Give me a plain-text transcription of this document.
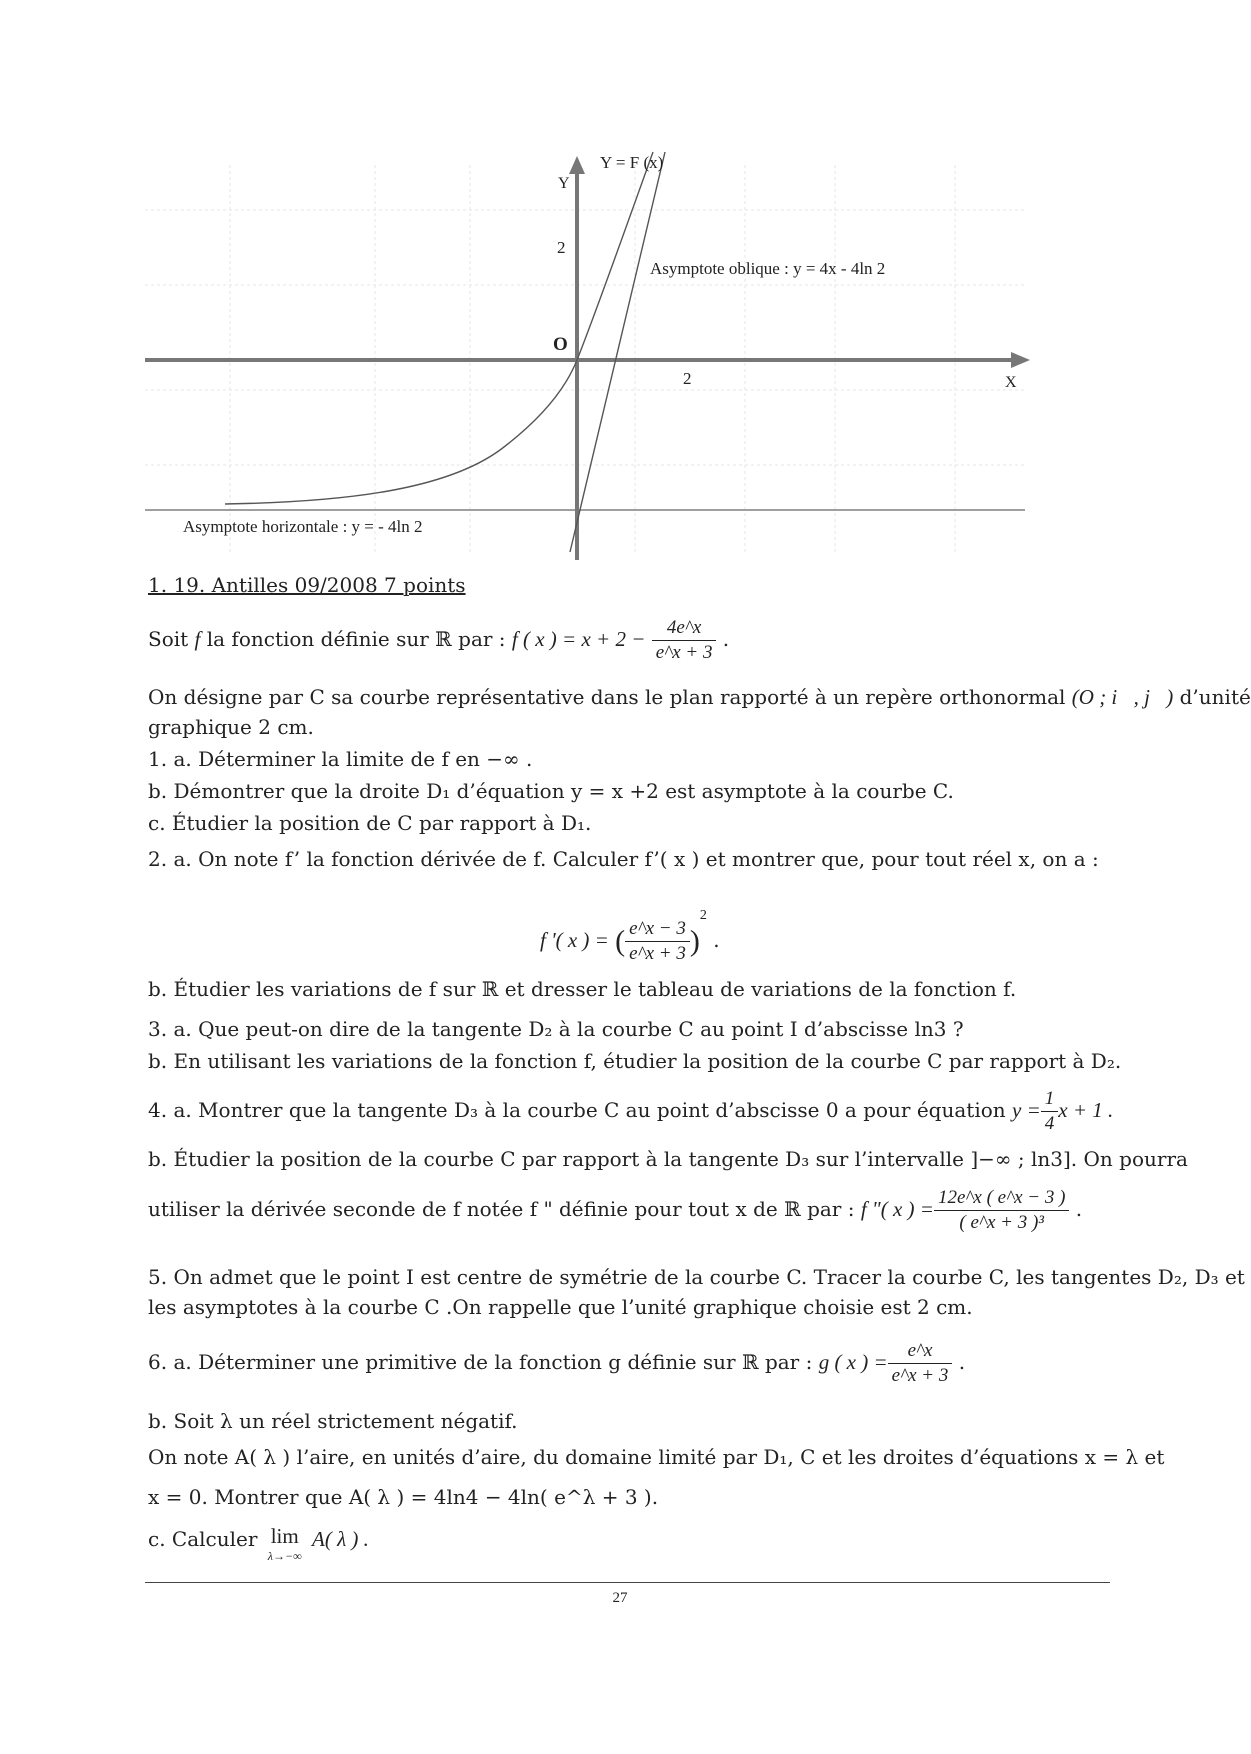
Y = F (x)
Y
2
O
2	X
Asymptote oblique : y = 4x - 4ln 2
Asymptote horizontale : y = - 4ln 2
1. 19. Antilles 09/2008 7 points
Soit f la fonction définie sur ℝ par : f ( x ) = $x + 2 - \frac{4e\^{}x}{e\^{}x + 3}$ .
On désigne par C sa courbe représentative dans le plan rapporté à un repère orthonormal (O ; i⃗, j⃗) d’unité
graphique 2 cm.
1. a. Déterminer la limite de f en −∞ .
b. Démontrer que la droite D₁ d’équation y = x +2 est asymptote à la courbe C.
c. Étudier la position de C par rapport à D₁.
2. a. On note f’ la fonction dérivée de f. Calculer f’( x ) et montrer que, pour tout réel x, on a :
f '( x ) = ( $\frac{e\^{}x - 3}{e\^{}x + 3} )^2$ .
b. Étudier les variations de f sur ℝ et dresser le tableau de variations de la fonction f.
3. a. Que peut-on dire de la tangente D₂ à la courbe C au point I d’abscisse ln3 ?
b. En utilisant les variations de la fonction f, étudier la position de la courbe C par rapport à D₂.
4. a. Montrer que la tangente D₃ à la courbe C au point d’abscisse 0 a pour équation $y = \frac{1}{4}$ x + 1 .
b. Étudier la position de la courbe C par rapport à la tangente D₃ sur l’intervalle ]−∞ ; ln3]. On pourra
utiliser la dérivée seconde de f notée f " définie pour tout x de ℝ par : f "( x ) = $\frac{12e\^{}x ( e\^{}x - 3 )}{\text{( e\textasciicircum{}x + 3 )³}}$ .
5. On admet que le point I est centre de symétrie de la courbe C. Tracer la courbe C, les tangentes D₂, D₃ et
les asymptotes à la courbe C .On rappelle que l’unité graphique choisie est 2 cm.
6. a. Déterminer une primitive de la fonction g définie sur ℝ par : g ( x ) = $\frac{e\^{}x}{e\^{}x + 3}$ .
b. Soit λ un réel strictement négatif.
On note A( λ ) l’aire, en unités d’aire, du domaine limité par D₁, C et les droites d’équations x = λ et
x = 0. Montrer que A( λ ) = 4ln4 − 4ln( e^λ + 3 ).
c. Calculer lim
λ→−∞
A( λ ) .
27
